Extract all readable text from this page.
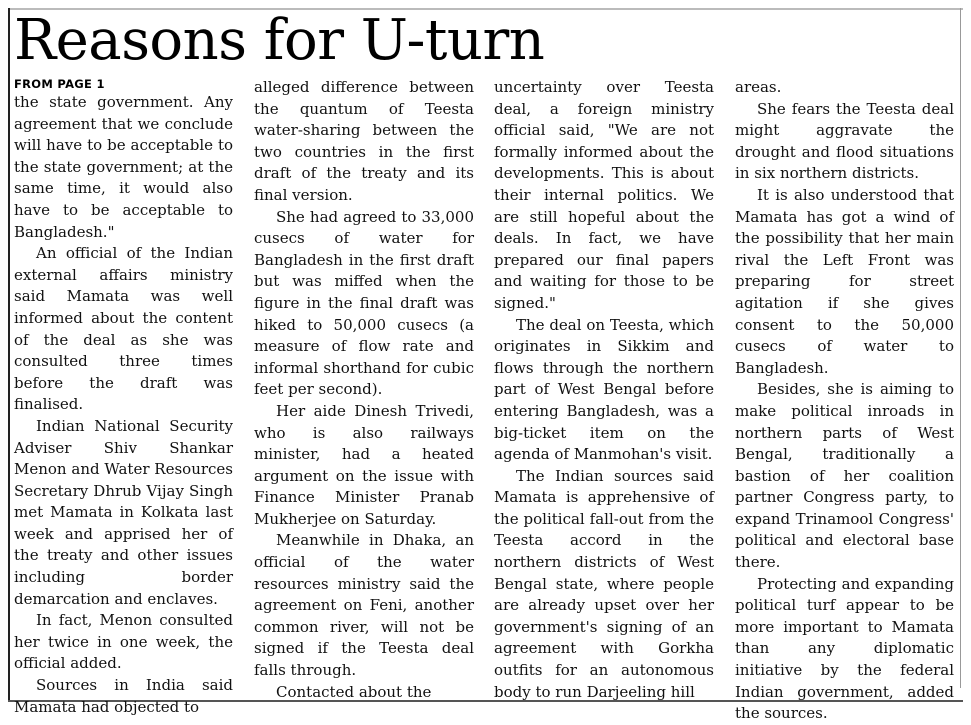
Reasons for U-turn
FROM PAGE 1

the state government. Any agreement that we conclude will have to be acceptable to the state government; at the same time, it would also have to be acceptable to Bangladesh."

An official of the Indian external affairs ministry said Mamata was well informed about the content of the deal as she was consulted three times before the draft was finalised.

Indian National Security Adviser Shiv Shankar Menon and Water Resources Secretary Dhrub Vijay Singh met Mamata in Kolkata last week and apprised her of the treaty and other issues including border demarcation and enclaves.

In fact, Menon consulted her twice in one week, the official added.

Sources in India said Mamata had objected to

alleged difference between the quantum of Teesta water-sharing between the two countries in the first draft of the treaty and its final version.

She had agreed to 33,000 cusecs of water for Bangladesh in the first draft but was miffed when the figure in the final draft was hiked to 50,000 cusecs (a measure of flow rate and informal shorthand for cubic feet per second).

Her aide Dinesh Trivedi, who is also railways minister, had a heated argument on the issue with Finance Minister Pranab Mukherjee on Saturday.

Meanwhile in Dhaka, an official of the water resources ministry said the agreement on Feni, another common river, will not be signed if the Teesta deal falls through.

Contacted about the

uncertainty over Teesta deal, a foreign ministry official said, "We are not formally informed about the developments. This is about their internal politics. We are still hopeful about the deals. In fact, we have prepared our final papers and waiting for those to be signed."

The deal on Teesta, which originates in Sikkim and flows through the northern part of West Bengal before entering Bangladesh, was a big-ticket item on the agenda of Manmohan's visit.

The Indian sources said Mamata is apprehensive of the political fall-out from the Teesta accord in the northern districts of West Bengal state, where people are already upset over her government's signing of an agreement with Gorkha outfits for an autonomous body to run Darjeeling hill

areas.

She fears the Teesta deal might aggravate the drought and flood situations in six northern districts.

It is also understood that Mamata has got a wind of the possibility that her main rival the Left Front was preparing for street agitation if she gives consent to the 50,000 cusecs of water to Bangladesh.

Besides, she is aiming to make political inroads in northern parts of West Bengal, traditionally a bastion of her coalition partner Congress party, to expand Trinamool Congress' political and electoral base there.

Protecting and expanding political turf appear to be more important to Mamata than any diplomatic initiative by the federal Indian government, added the sources.
